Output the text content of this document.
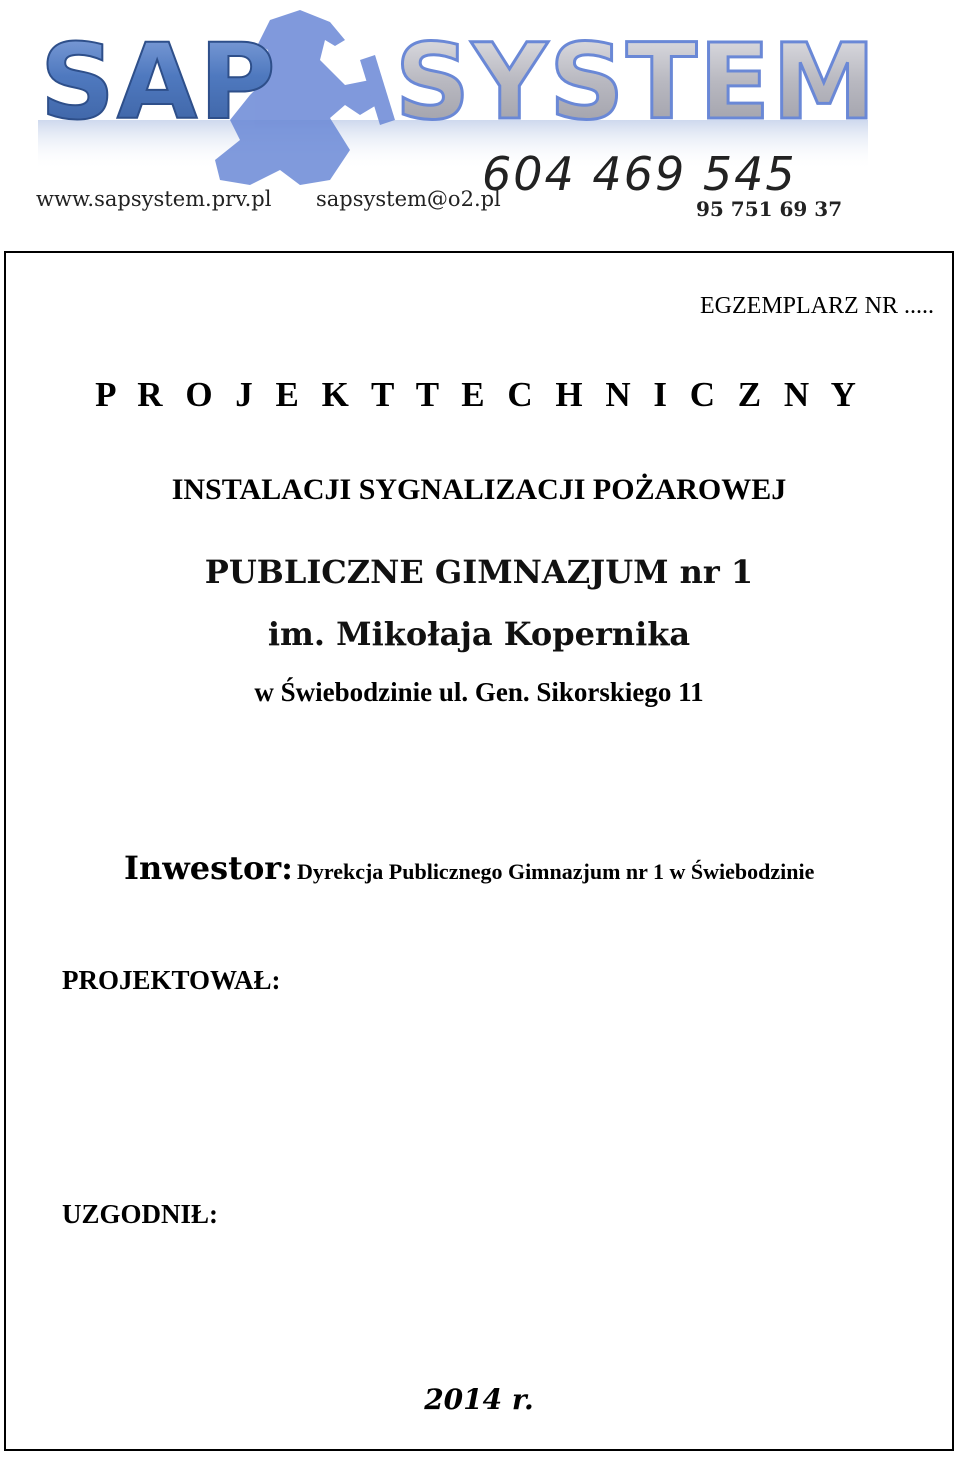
SAP SYSTEM
604 469 545
95 751 69 37
www.sapsystem.prv.pl sapsystem@o2.pl
EGZEMPLARZ NR .....
P R O J E K T T E C H N I C Z N Y
INSTALACJI SYGNALIZACJI POŻAROWEJ
PUBLICZNE GIMNAZJUM nr 1
im. Mikołaja Kopernika
w Świebodzinie ul. Gen. Sikorskiego 11
Inwestor: Dyrekcja Publicznego Gimnazjum nr 1 w Świebodzinie
PROJEKTOWAŁ:
UZGODNIŁ:
2014 r.
